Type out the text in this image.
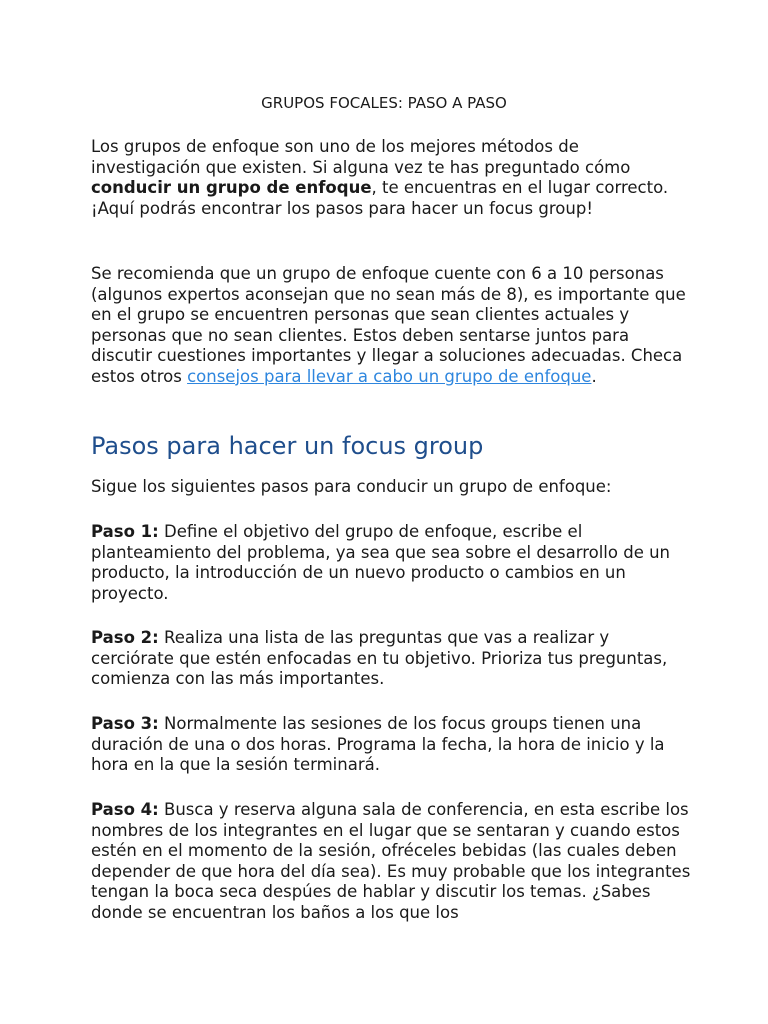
GRUPOS FOCALES: PASO A PASO

Los grupos de enfoque son uno de los mejores métodos de investigación que existen. Si alguna vez te has preguntado cómo conducir un grupo de enfoque, te encuentras en el lugar correcto. ¡Aquí podrás encontrar los pasos para hacer un focus group!

Se recomienda que un grupo de enfoque cuente con 6 a 10 personas (algunos expertos aconsejan que no sean más de 8), es importante que en el grupo se encuentren personas que sean clientes actuales y personas que no sean clientes. Estos deben sentarse juntos para discutir cuestiones importantes y llegar a soluciones adecuadas. Checa estos otros consejos para llevar a cabo un grupo de enfoque.

Pasos para hacer un focus group

Sigue los siguientes pasos para conducir un grupo de enfoque:

Paso 1: Define el objetivo del grupo de enfoque, escribe el planteamiento del problema, ya sea que sea sobre el desarrollo de un producto, la introducción de un nuevo producto o cambios en un proyecto.

Paso 2: Realiza una lista de las preguntas que vas a realizar y cerciórate que estén enfocadas en tu objetivo. Prioriza tus preguntas, comienza con las más importantes.

Paso 3: Normalmente las sesiones de los focus groups tienen una duración de una o dos horas. Programa la fecha, la hora de inicio y la hora en la que la sesión terminará.

Paso 4: Busca y reserva alguna sala de conferencia, en esta escribe los nombres de los integrantes en el lugar que se sentaran y cuando estos estén en el momento de la sesión, ofréceles bebidas (las cuales deben depender de que hora del día sea). Es muy probable que los integrantes tengan la boca seca despúes de hablar y discutir los temas. ¿Sabes donde se encuentran los baños a los que los
